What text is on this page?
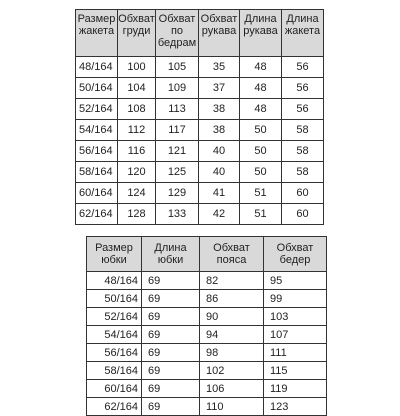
Размер жакета	Обхват груди	Обхват по бедрам	Обхват рукава	Длина рукава	Длина жакета
48/164	100	105	35	48	56
50/164	104	109	37	48	56
52/164	108	113	38	48	56
54/164	112	117	38	50	58
56/164	116	121	40	50	58
58/164	120	125	40	50	58
60/164	124	129	41	51	60
62/164	128	133	42	51	60
Размер юбки	Длина юбки	Обхват пояса	Обхват бедер
48/164	69	82	95
50/164	69	86	99
52/164	69	90	103
54/164	69	94	107
56/164	69	98	111
58/164	69	102	115
60/164	69	106	119
62/164	69	110	123
